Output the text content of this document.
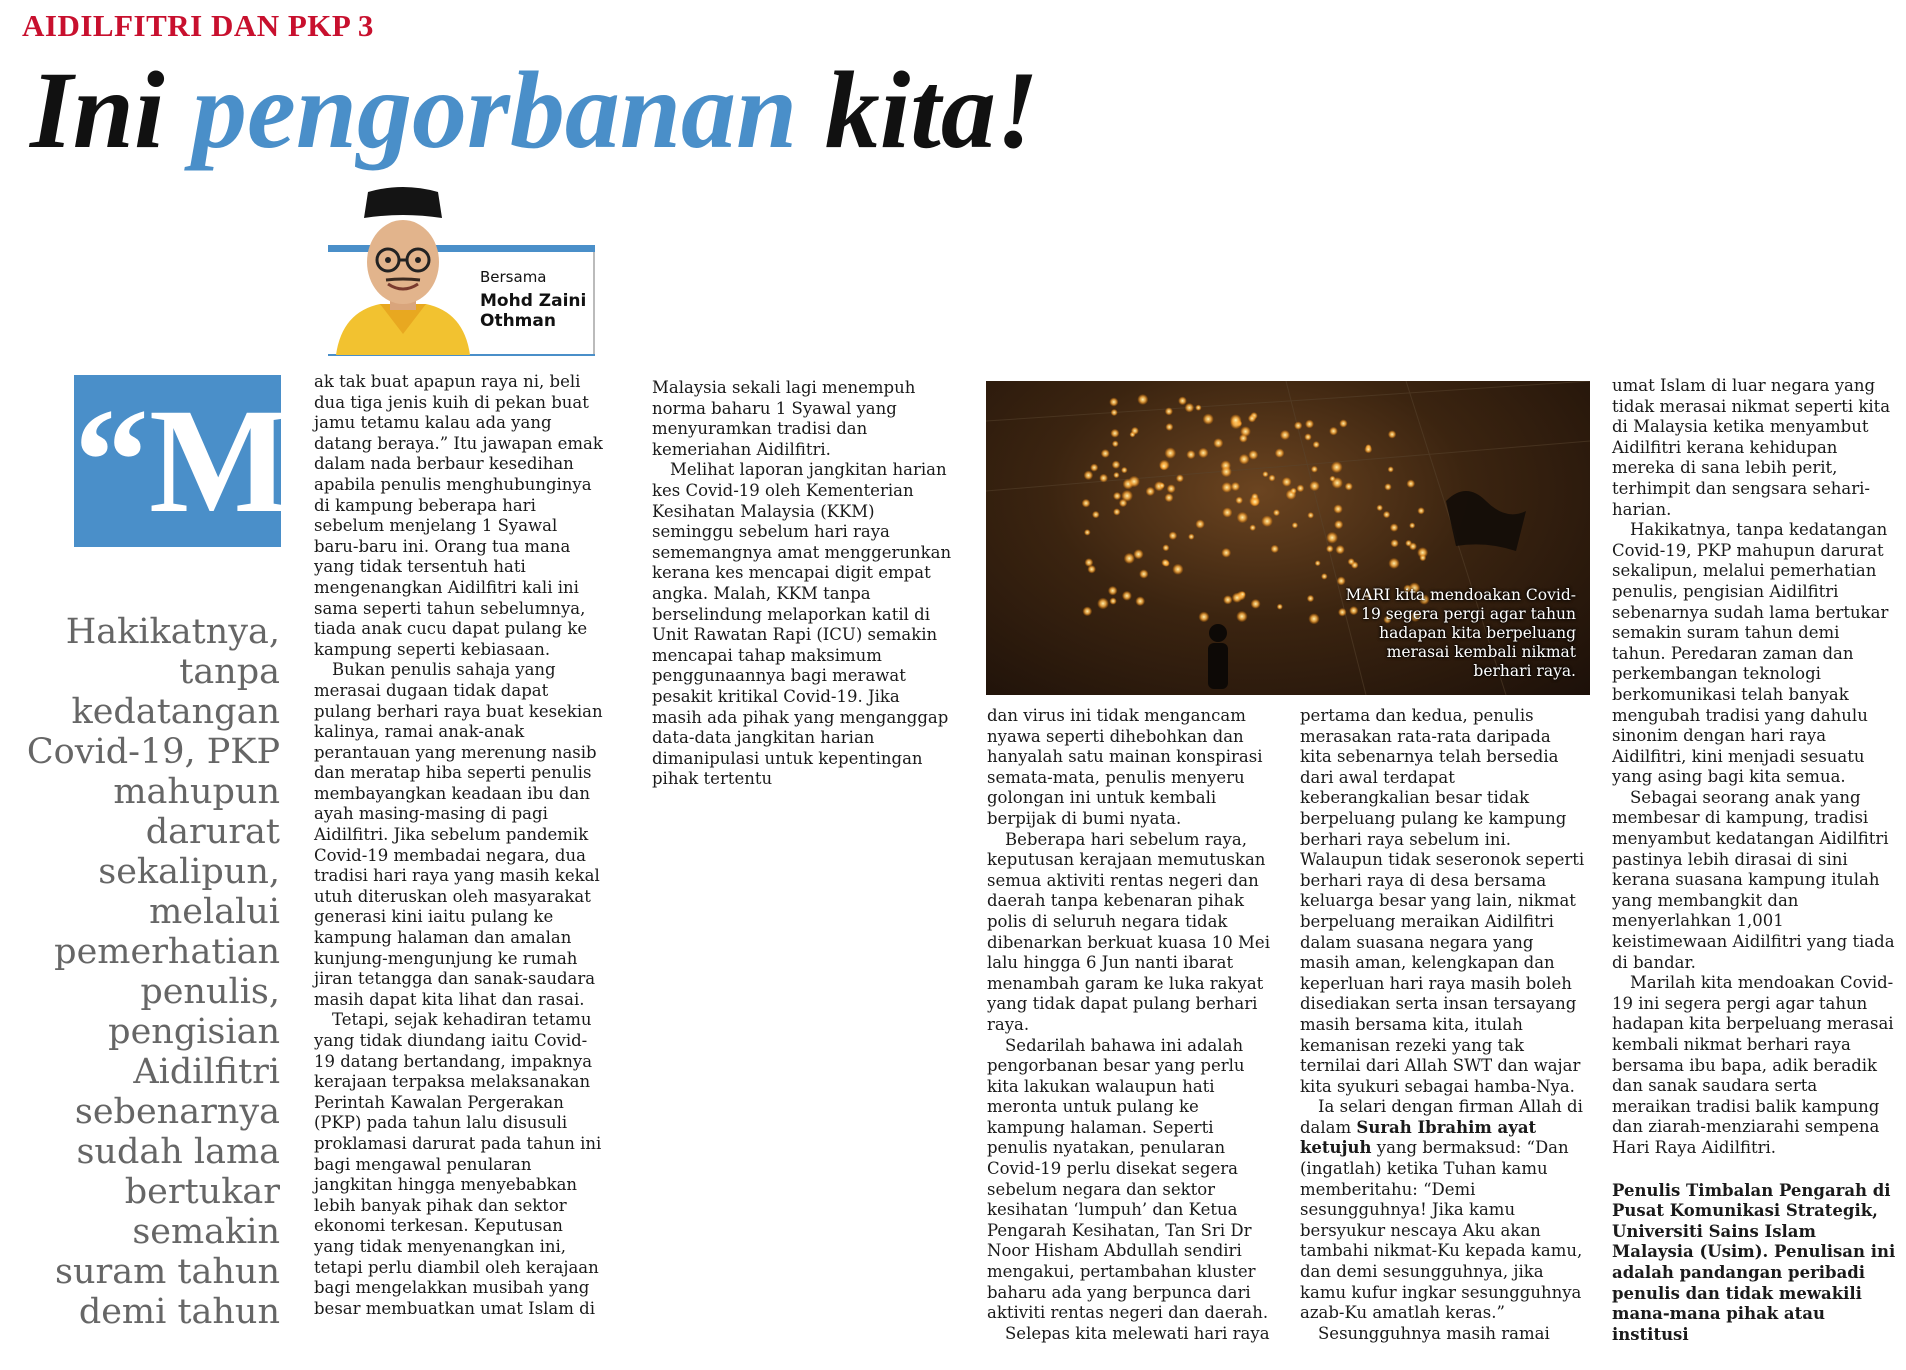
AIDILFITRI DAN PKP 3
Ini pengorbanan kita!
Bersama
Mohd Zaini Othman
“M

Hakikatnya, tanpa kedatangan Covid-19, PKP mahupun darurat sekalipun, melalui pemerhatian penulis, pengisian Aidilfitri sebenarnya sudah lama bertukar semakin suram tahun demi tahun

ak tak buat apapun raya ni, beli dua tiga jenis kuih di pekan buat jamu tetamu kalau ada yang datang beraya.” Itu jawapan emak dalam nada berbaur kesedihan apabila penulis menghubunginya di kampung beberapa hari sebelum menjelang 1 Syawal baru-baru ini. Orang tua mana yang tidak tersentuh hati mengenangkan Aidilfitri kali ini sama seperti tahun sebelumnya, tiada anak cucu dapat pulang ke kampung seperti kebiasaan.

Bukan penulis sahaja yang merasai dugaan tidak dapat pulang berhari raya buat kesekian kalinya, ramai anak-anak perantauan yang merenung nasib dan meratap hiba seperti penulis membayangkan keadaan ibu dan ayah masing-masing di pagi Aidilfitri. Jika sebelum pandemik Covid-19 membadai negara, dua tradisi hari raya yang masih kekal utuh diteruskan oleh masyarakat generasi kini iaitu pulang ke kampung halaman dan amalan kunjung-mengunjung ke rumah jiran tetangga dan sanak-saudara masih dapat kita lihat dan rasai.

Tetapi, sejak kehadiran tetamu yang tidak diundang iaitu Covid-19 datang bertandang, impaknya kerajaan terpaksa melaksanakan Perintah Kawalan Pergerakan (PKP) pada tahun lalu disusuli proklamasi darurat pada tahun ini bagi mengawal penularan jangkitan hingga menyebabkan lebih banyak pihak dan sektor ekonomi terkesan. Keputusan yang tidak menyenangkan ini, tetapi perlu diambil oleh kerajaan bagi mengelakkan musibah yang besar membuatkan umat Islam di

Malaysia sekali lagi menempuh norma baharu 1 Syawal yang menyuramkan tradisi dan kemeriahan Aidilfitri.

Melihat laporan jangkitan harian kes Covid-19 oleh Kementerian Kesihatan Malaysia (KKM) seminggu sebelum hari raya sememangnya amat menggerunkan kerana kes mencapai digit empat angka. Malah, KKM tanpa berselindung melaporkan katil di Unit Rawatan Rapi (ICU) semakin mencapai tahap maksimum penggunaannya bagi merawat pesakit kritikal Covid-19. Jika masih ada pihak yang menganggap data-data jangkitan harian dimanipulasi untuk kepentingan pihak tertentu

MARI kita mendoakan Covid-19 segera pergi agar tahun hadapan kita berpeluang merasai kembali nikmat berhari raya.

dan virus ini tidak mengancam nyawa seperti dihebohkan dan hanyalah satu mainan konspirasi semata-mata, penulis menyeru golongan ini untuk kembali berpijak di bumi nyata.

Beberapa hari sebelum raya, keputusan kerajaan memutuskan semua aktiviti rentas negeri dan daerah tanpa kebenaran pihak polis di seluruh negara tidak dibenarkan berkuat kuasa 10 Mei lalu hingga 6 Jun nanti ibarat menambah garam ke luka rakyat yang tidak dapat pulang berhari raya.

Sedarilah bahawa ini adalah pengorbanan besar yang perlu kita lakukan walaupun hati meronta untuk pulang ke kampung halaman. Seperti penulis nyatakan, penularan Covid-19 perlu disekat segera sebelum negara dan sektor kesihatan ‘lumpuh’ dan Ketua Pengarah Kesihatan, Tan Sri Dr Noor Hisham Abdullah sendiri mengakui, pertambahan kluster baharu ada yang berpunca dari aktiviti rentas negeri dan daerah.

Selepas kita melewati hari raya

pertama dan kedua, penulis merasakan rata-rata daripada kita sebenarnya telah bersedia dari awal terdapat keberangkalian besar tidak berpeluang pulang ke kampung berhari raya sebelum ini. Walaupun tidak seseronok seperti berhari raya di desa bersama keluarga besar yang lain, nikmat berpeluang meraikan Aidilfitri dalam suasana negara yang masih aman, kelengkapan dan keperluan hari raya masih boleh disediakan serta insan tersayang masih bersama kita, itulah kemanisan rezeki yang tak ternilai dari Allah SWT dan wajar kita syukuri sebagai hamba-Nya.

Ia selari dengan firman Allah di dalam Surah Ibrahim ayat ketujuh yang bermaksud: “Dan (ingatlah) ketika Tuhan kamu memberitahu: “Demi sesungguhnya! Jika kamu bersyukur nescaya Aku akan tambahi nikmat-Ku kepada kamu, dan demi sesungguhnya, jika kamu kufur ingkar sesungguhnya azab-Ku amatlah keras.”

Sesungguhnya masih ramai

umat Islam di luar negara yang tidak merasai nikmat seperti kita di Malaysia ketika menyambut Aidilfitri kerana kehidupan mereka di sana lebih perit, terhimpit dan sengsara sehari-harian.

Hakikatnya, tanpa kedatangan Covid-19, PKP mahupun darurat sekalipun, melalui pemerhatian penulis, pengisian Aidilfitri sebenarnya sudah lama bertukar semakin suram tahun demi tahun. Peredaran zaman dan perkembangan teknologi berkomunikasi telah banyak mengubah tradisi yang dahulu sinonim dengan hari raya Aidilfitri, kini menjadi sesuatu yang asing bagi kita semua.

Sebagai seorang anak yang membesar di kampung, tradisi menyambut kedatangan Aidilfitri pastinya lebih dirasai di sini kerana suasana kampung itulah yang membangkit dan menyerlahkan 1,001 keistimewaan Aidilfitri yang tiada di bandar.

Marilah kita mendoakan Covid-19 ini segera pergi agar tahun hadapan kita berpeluang merasai kembali nikmat berhari raya bersama ibu bapa, adik beradik dan sanak saudara serta meraikan tradisi balik kampung dan ziarah-menziarahi sempena Hari Raya Aidilfitri.

Penulis Timbalan Pengarah di Pusat Komunikasi Strategik, Universiti Sains Islam Malaysia (Usim). Penulisan ini adalah pandangan peribadi penulis dan tidak mewakili mana-mana pihak atau institusi
